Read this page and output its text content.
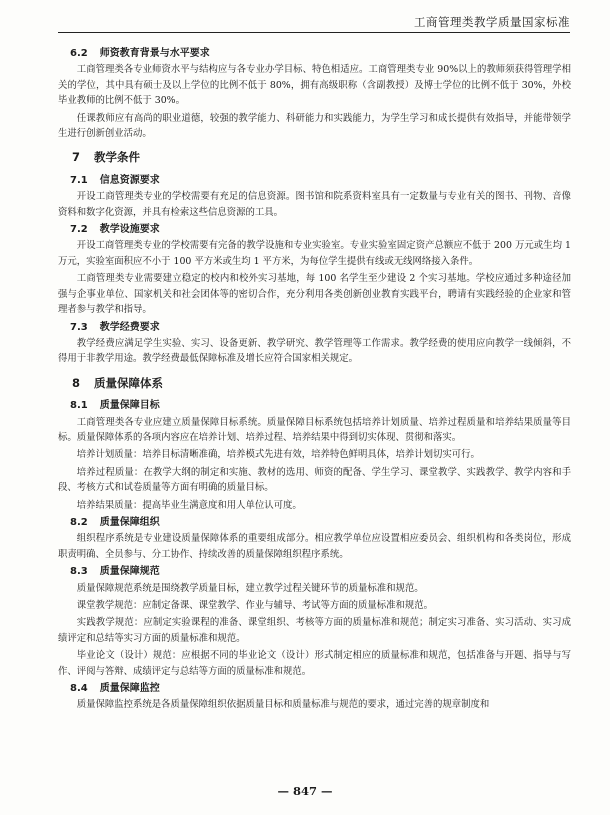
工商管理类教学质量国家标准
6.2 师资教育背景与水平要求

工商管理类各专业师资水平与结构应与各专业办学目标、特色相适应。工商管理类专业 90%以上的教师须获得管理学相关的学位，其中具有硕士及以上学位的比例不低于 80%，拥有高级职称（含副教授）及博士学位的比例不低于 30%，外校毕业教师的比例不低于 30%。

任课教师应有高尚的职业道德，较强的教学能力、科研能力和实践能力，为学生学习和成长提供有效指导，并能带领学生进行创新创业活动。

7 教学条件
7.1 信息资源要求

开设工商管理类专业的学校需要有充足的信息资源。图书馆和院系资料室具有一定数量与专业有关的图书、刊物、音像资料和数字化资源，并具有检索这些信息资源的工具。

7.2 教学设施要求

开设工商管理类专业的学校需要有完备的教学设施和专业实验室。专业实验室固定资产总额应不低于 200 万元或生均 1 万元，实验室面积应不小于 100 平方米或生均 1 平方米，为每位学生提供有线或无线网络接入条件。

工商管理类专业需要建立稳定的校内和校外实习基地，每 100 名学生至少建设 2 个实习基地。学校应通过多种途径加强与企事业单位、国家机关和社会团体等的密切合作，充分利用各类创新创业教育实践平台，聘请有实践经验的企业家和管理者参与教学和指导。

7.3 教学经费要求

教学经费应满足学生实验、实习、设备更新、教学研究、教学管理等工作需求。教学经费的使用应向教学一线倾斜，不得用于非教学用途。教学经费最低保障标准及增长应符合国家相关规定。

8 质量保障体系
8.1 质量保障目标

工商管理类各专业应建立质量保障目标系统。质量保障目标系统包括培养计划质量、培养过程质量和培养结果质量等目标。质量保障体系的各项内容应在培养计划、培养过程、培养结果中得到切实体现、贯彻和落实。

培养计划质量：培养目标清晰准确，培养模式先进有效，培养特色鲜明具体，培养计划切实可行。

培养过程质量：在教学大纲的制定和实施、教材的选用、师资的配备、学生学习、课堂教学、实践教学、教学内容和手段、考核方式和试卷质量等方面有明确的质量目标。

培养结果质量：提高毕业生满意度和用人单位认可度。

8.2 质量保障组织

组织程序系统是专业建设质量保障体系的重要组成部分。相应教学单位应设置相应委员会、组织机构和各类岗位，形成职责明确、全员参与、分工协作、持续改善的质量保障组织程序系统。

8.3 质量保障规范

质量保障规范系统是围绕教学质量目标，建立教学过程关键环节的质量标准和规范。

课堂教学规范：应制定备课、课堂教学、作业与辅导、考试等方面的质量标准和规范。

实践教学规范：应制定实验课程的准备、课堂组织、考核等方面的质量标准和规范；制定实习准备、实习活动、实习成绩评定和总结等实习方面的质量标准和规范。

毕业论文（设计）规范：应根据不同的毕业论文（设计）形式制定相应的质量标准和规范，包括准备与开题、指导与写作、评阅与答辩、成绩评定与总结等方面的质量标准和规范。

8.4 质量保障监控

质量保障监控系统是各质量保障组织依据质量目标和质量标准与规范的要求，通过完善的规章制度和

— 847 —
